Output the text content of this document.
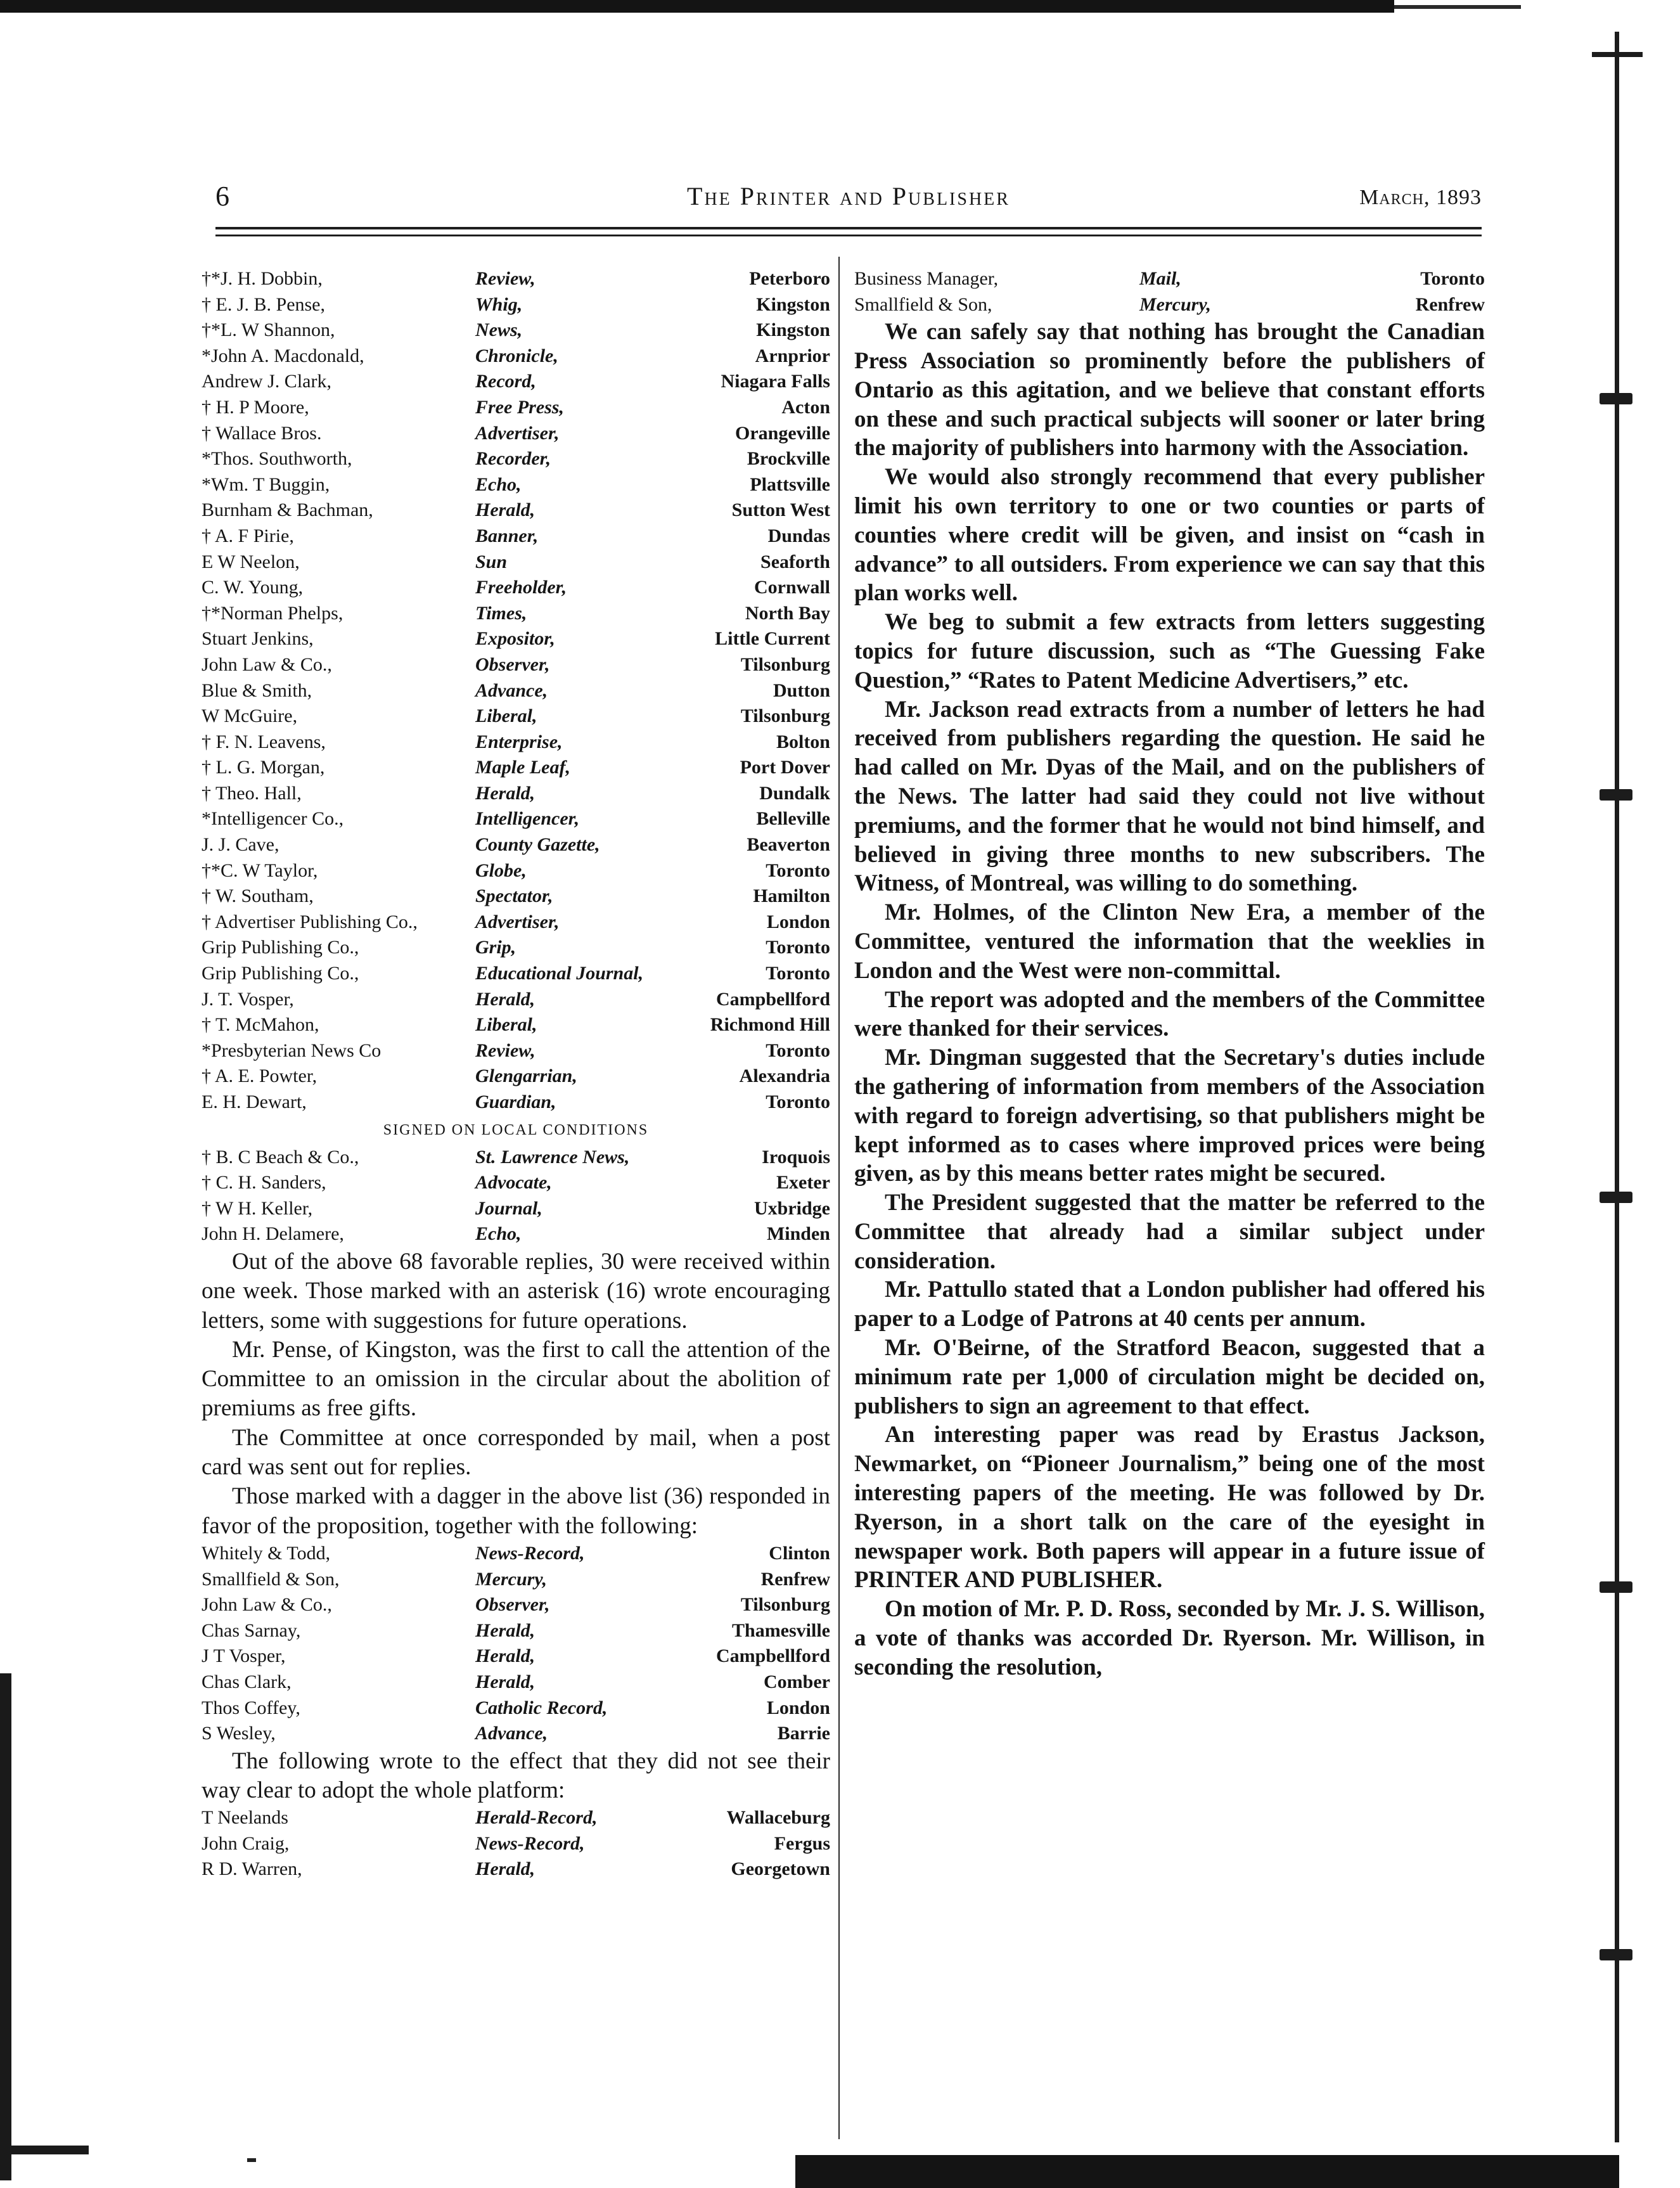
6	The Printer and Publisher	March, 1893
†*J. H. Dobbin,	Review,	Peterboro
† E. J. B. Pense,	Whig,	Kingston
†*L. W Shannon,	News,	Kingston
*John A. Macdonald,	Chronicle,	Arnprior
Andrew J. Clark,	Record,	Niagara Falls
† H. P Moore,	Free Press,	Acton
† Wallace Bros.	Advertiser,	Orangeville
*Thos. Southworth,	Recorder,	Brockville
*Wm. T Buggin,	Echo,	Plattsville
Burnham & Bachman,	Herald,	Sutton West
† A. F Pirie,	Banner,	Dundas
E W Neelon,	Sun	Seaforth
C. W. Young,	Freeholder,	Cornwall
†*Norman Phelps,	Times,	North Bay
Stuart Jenkins,	Expositor,	Little Current
John Law & Co.,	Observer,	Tilsonburg
Blue & Smith,	Advance,	Dutton
W McGuire,	Liberal,	Tilsonburg
† F. N. Leavens,	Enterprise,	Bolton
† L. G. Morgan,	Maple Leaf,	Port Dover
† Theo. Hall,	Herald,	Dundalk
*Intelligencer Co.,	Intelligencer,	Belleville
J. J. Cave,	County Gazette,	Beaverton
†*C. W Taylor,	Globe,	Toronto
† W. Southam,	Spectator,	Hamilton
† Advertiser Publishing Co.,	Advertiser,	London
Grip Publishing Co.,	Grip,	Toronto
Grip Publishing Co.,	Educational Journal,	Toronto
J. T. Vosper,	Herald,	Campbellford
† T. McMahon,	Liberal,	Richmond Hill
*Presbyterian News Co	Review,	Toronto
† A. E. Powter,	Glengarrian,	Alexandria
E. H. Dewart,	Guardian,	Toronto
SIGNED ON LOCAL CONDITIONS
† B. C Beach & Co.,	St. Lawrence News,	Iroquois
† C. H. Sanders,	Advocate,	Exeter
† W H. Keller,	Journal,	Uxbridge
John H. Delamere,	Echo,	Minden

Out of the above 68 favorable replies, 30 were received within one week. Those marked with an asterisk (16) wrote encouraging letters, some with suggestions for future operations.

Mr. Pense, of Kingston, was the first to call the attention of the Committee to an omission in the circular about the abolition of premiums as free gifts.

The Committee at once corresponded by mail, when a post card was sent out for replies.

Those marked with a dagger in the above list (36) responded in favor of the proposition, together with the following:

Whitely & Todd,	News-Record,	Clinton
Smallfield & Son,	Mercury,	Renfrew
John Law & Co.,	Observer,	Tilsonburg
Chas Sarnay,	Herald,	Thamesville
J T Vosper,	Herald,	Campbellford
Chas Clark,	Herald,	Comber
Thos Coffey,	Catholic Record,	London
S Wesley,	Advance,	Barrie

The following wrote to the effect that they did not see their way clear to adopt the whole platform:

T Neelands	Herald-Record,	Wallaceburg
John Craig,	News-Record,	Fergus
R D. Warren,	Herald,	Georgetown
Business Manager,	Mail,	Toronto
Smallfield & Son,	Mercury,	Renfrew

We can safely say that nothing has brought the Canadian Press Association so prominently before the publishers of Ontario as this agitation, and we believe that constant efforts on these and such practical subjects will sooner or later bring the majority of publishers into harmony with the Association.

We would also strongly recommend that every publisher limit his own territory to one or two counties or parts of counties where credit will be given, and insist on “cash in advance” to all outsiders. From experience we can say that this plan works well.

We beg to submit a few extracts from letters suggesting topics for future discussion, such as “The Guessing Fake Question,” “Rates to Patent Medicine Advertisers,” etc.

Mr. Jackson read extracts from a number of letters he had received from publishers regarding the question. He said he had called on Mr. Dyas of the Mail, and on the publishers of the News. The latter had said they could not live without premiums, and the former that he would not bind himself, and believed in giving three months to new subscribers. The Witness, of Montreal, was willing to do something.

Mr. Holmes, of the Clinton New Era, a member of the Committee, ventured the information that the weeklies in London and the West were non-committal.

The report was adopted and the members of the Committee were thanked for their services.

Mr. Dingman suggested that the Secretary's duties include the gathering of information from members of the Association with regard to foreign advertising, so that publishers might be kept informed as to cases where improved prices were being given, as by this means better rates might be secured.

The President suggested that the matter be referred to the Committee that already had a similar subject under consideration.

Mr. Pattullo stated that a London publisher had offered his paper to a Lodge of Patrons at 40 cents per annum.

Mr. O'Beirne, of the Stratford Beacon, suggested that a minimum rate per 1,000 of circulation might be decided on, publishers to sign an agreement to that effect.

An interesting paper was read by Erastus Jackson, Newmarket, on “Pioneer Journalism,” being one of the most interesting papers of the meeting. He was followed by Dr. Ryerson, in a short talk on the care of the eyesight in newspaper work. Both papers will appear in a future issue of PRINTER AND PUBLISHER.

On motion of Mr. P. D. Ross, seconded by Mr. J. S. Willison, a vote of thanks was accorded Dr. Ryerson. Mr. Willison, in seconding the resolution,
